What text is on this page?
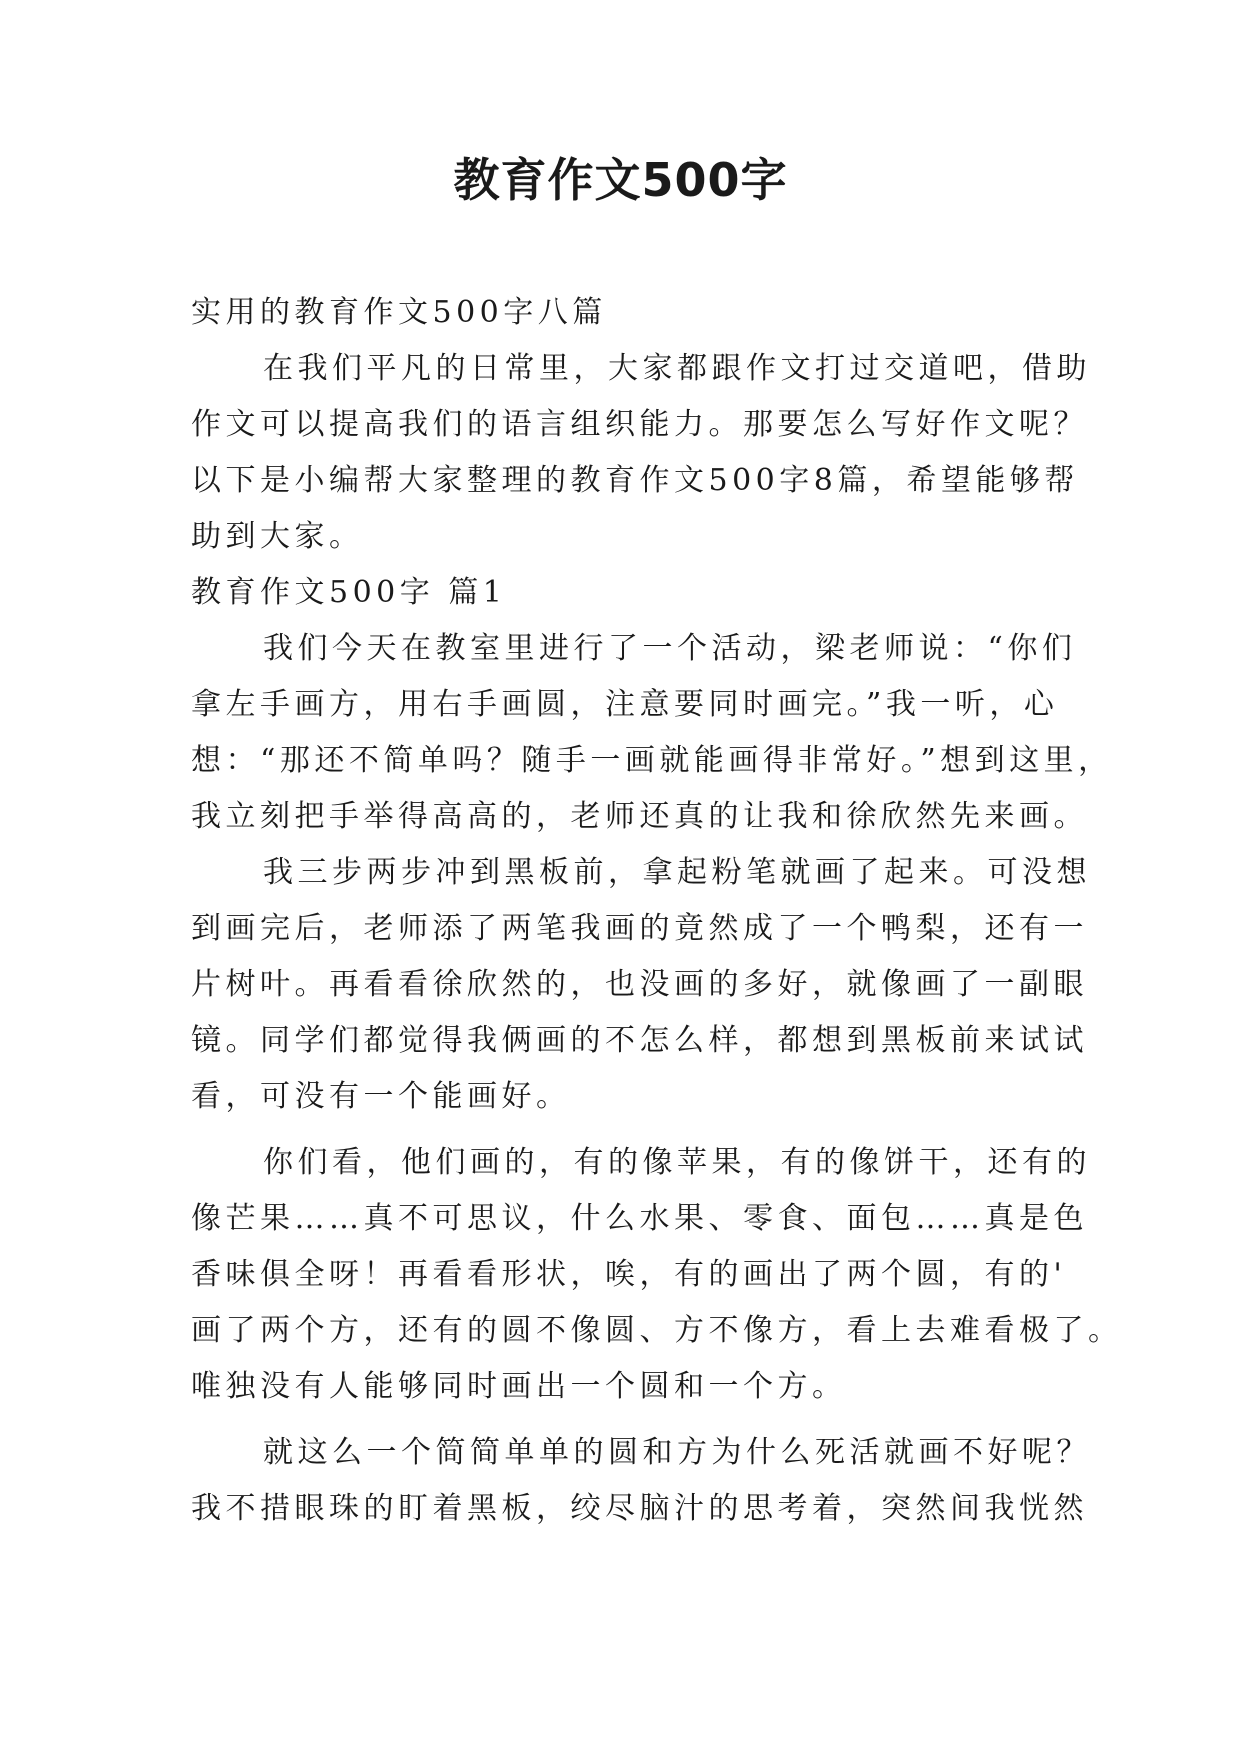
教育作文500字
实用的教育作文500字八篇
在我们平凡的日常里，大家都跟作文打过交道吧，借助
作文可以提高我们的语言组织能力。那要怎么写好作文呢？
以下是小编帮大家整理的教育作文500字8篇，希望能够帮
助到大家。
教育作文500字 篇1
我们今天在教室里进行了一个活动，梁老师说：“你们
拿左手画方，用右手画圆，注意要同时画完。”我一听，心
想：“那还不简单吗？随手一画就能画得非常好。”想到这里，
我立刻把手举得高高的，老师还真的让我和徐欣然先来画。
我三步两步冲到黑板前，拿起粉笔就画了起来。可没想
到画完后，老师添了两笔我画的竟然成了一个鸭梨，还有一
片树叶。再看看徐欣然的，也没画的多好，就像画了一副眼
镜。同学们都觉得我俩画的不怎么样，都想到黑板前来试试
看，可没有一个能画好。
你们看，他们画的，有的像苹果，有的像饼干，还有的
像芒果……真不可思议，什么水果、零食、面包……真是色
香味俱全呀！再看看形状，唉，有的画出了两个圆，有的'
画了两个方，还有的圆不像圆、方不像方，看上去难看极了。
唯独没有人能够同时画出一个圆和一个方。
就这么一个简简单单的圆和方为什么死活就画不好呢？
我不措眼珠的盯着黑板，绞尽脑汁的思考着，突然间我恍然
